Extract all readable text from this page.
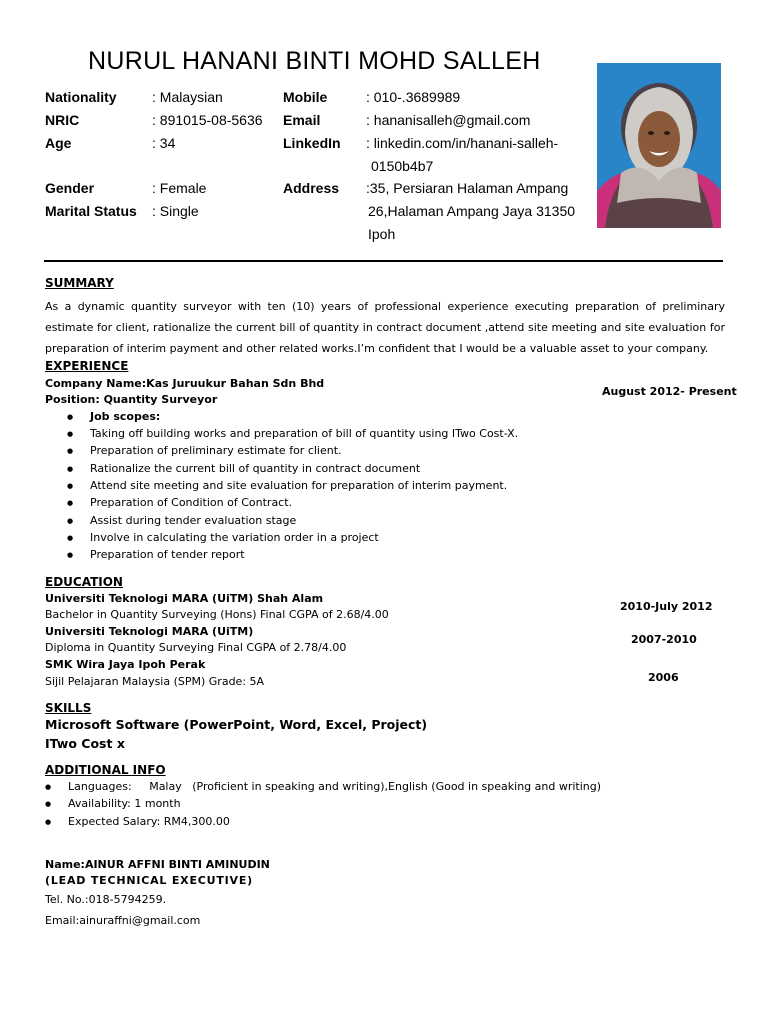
NURUL HANANI BINTI MOHD SALLEH
Nationality	: Malaysian
NRIC	: 891015-08-5636
Age	: 34
Gender	: Female
Marital Status : Single
Mobile	: 010-.3689989
Email	: hananisalleh@gmail.com
LinkedIn : linkedin.com/in/hanani-salleh-
0150b4b7
Address :35, Persiaran Halaman Ampang
26,Halaman Ampang Jaya 31350
Ipoh
SUMMARY
As a dynamic quantity surveyor with ten (10) years of professional experience executing preparation of preliminary estimate for client, rationalize the current bill of quantity in contract document ,attend site meeting and site evaluation for preparation of interim payment and other related works.I’m confident that I would be a valuable asset to your company.
EXPERIENCE
Company Name:Kas Juruukur Bahan Sdn Bhd
Position: Quantity Surveyor
August 2012- Present
● Job scopes:
● Taking off building works and preparation of bill of quantity using ITwo Cost-X.
● Preparation of preliminary estimate for client.
● Rationalize the current bill of quantity in contract document
● Attend site meeting and site evaluation for preparation of interim payment.
● Preparation of Condition of Contract.
● Assist during tender evaluation stage
● Involve in calculating the variation order in a project
● Preparation of tender report
EDUCATION
Universiti Teknologi MARA (UiTM) Shah Alam
Bachelor in Quantity Surveying (Hons) Final CGPA of 2.68/4.00
2010-July 2012
Universiti Teknologi MARA (UiTM)
Diploma in Quantity Surveying Final CGPA of 2.78/4.00
2007-2010
SMK Wira Jaya Ipoh Perak
Sijil Pelajaran Malaysia (SPM) Grade: 5A	2006
SKILLS
Microsoft Software (PowerPoint, Word, Excel, Project)
ITwo Cost x
ADDITIONAL INFO
● Languages:     Malay   (Proficient in speaking and writing),English (Good in speaking and writing)
● Availability: 1 month
● Expected Salary: RM4,300.00
Name:AINUR AFFNI BINTI AMINUDIN
(LEAD TECHNICAL EXECUTIVE)
Tel. No.:018-5794259.
Email:ainuraffni@gmail.com
